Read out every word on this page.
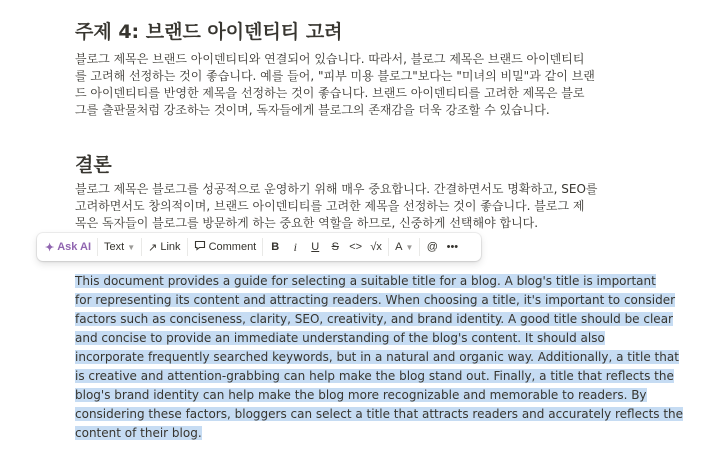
주제 4: 브랜드 아이덴티티 고려
블로그 제목은 브랜드 아이덴티티와 연결되어 있습니다. 따라서, 블로그 제목은 브랜드 아이덴티티
를 고려해 선정하는 것이 좋습니다. 예를 들어, "피부 미용 블로그"보다는 "미녀의 비밀"과 같이 브랜
드 아이덴티티를 반영한 제목을 선정하는 것이 좋습니다. 브랜드 아이덴티티를 고려한 제목은 블로
그를 출판물처럼 강조하는 것이며, 독자들에게 블로그의 존재감을 더욱 강조할 수 있습니다.
결론
블로그 제목은 블로그를 성공적으로 운영하기 위해 매우 중요합니다. 간결하면서도 명확하고, SEO를
고려하면서도 창의적이며, 브랜드 아이덴티티를 고려한 제목을 선정하는 것이 좋습니다. 블로그 제
목은 독자들이 블로그를 방문하게 하는 중요한 역할을 하므로, 신중하게 선택해야 합니다.
✦ Ask AI Text ▼ ↗ Link	Comment	B	i	U	S <> √x	A ▼	@ •••
This document provides a guide for selecting a suitable title for a blog. A blog's title is important
for representing its content and attracting readers. When choosing a title, it's important to consider
factors such as conciseness, clarity, SEO, creativity, and brand identity. A good title should be clear
and concise to provide an immediate understanding of the blog's content. It should also
incorporate frequently searched keywords, but in a natural and organic way. Additionally, a title that
is creative and attention-grabbing can help make the blog stand out. Finally, a title that reflects the
blog's brand identity can help make the blog more recognizable and memorable to readers. By
considering these factors, bloggers can select a title that attracts readers and accurately reflects the
content of their blog.
